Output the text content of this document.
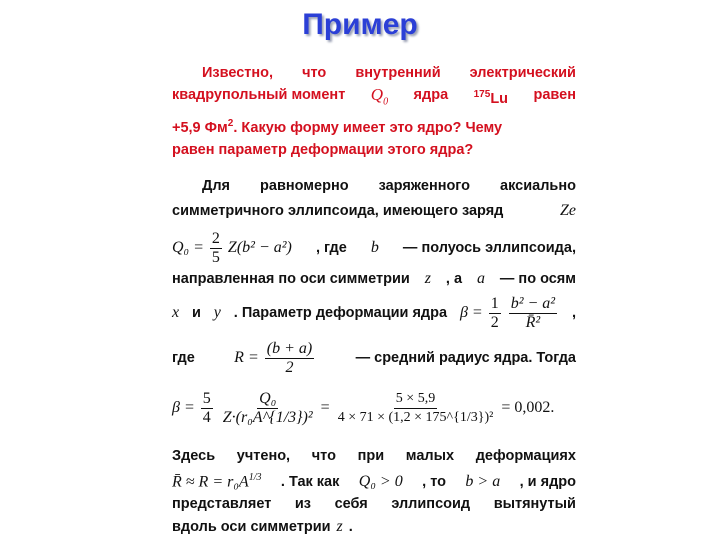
Пример
Известно, что внутренний электрический
квадрупольный момент $Q_0$ ядра	$^{175}$Lu равен
+5,9 $Фм^2$. Какую форму имеет это ядро? Чему
равен параметр деформации этого ядра?
Для равномерно заряженного аксиально
симметричного эллипсоида, имеющего заряд	Ze
$Q_0 = \frac{2}{5} Z(b^2 - a^2)$ , где b — полуось эллипсоида,
направленная по оси симметрии z , а a — по осям
x и y . Параметр деформации ядра $\beta = \frac{1}{2}$
$\frac{\text{b² − a²}}{\text{R̄²}}$ ,
где $R = \frac{(b + a)}{2}$	— средний радиус ядра. Тогда
$\beta = \frac{5}{4} \frac{\text{Q₀}}{\text{Z·(r₀A\textasciicircum{}\{1/3\})²}} = \frac{5 \times 5,9}{\text{4 × 71 × (1,2 × 175\textasciicircum{}\{1/3\})²}} = 0,002$.
Здесь учтено, что при малых деформациях
R̄ ≈ $R = r_0A^{1/3}$ . Так как Q₀ > 0 , то b > a , и ядро
представляет из себя эллипсоид вытянутый
вдоль оси симметрии z .
